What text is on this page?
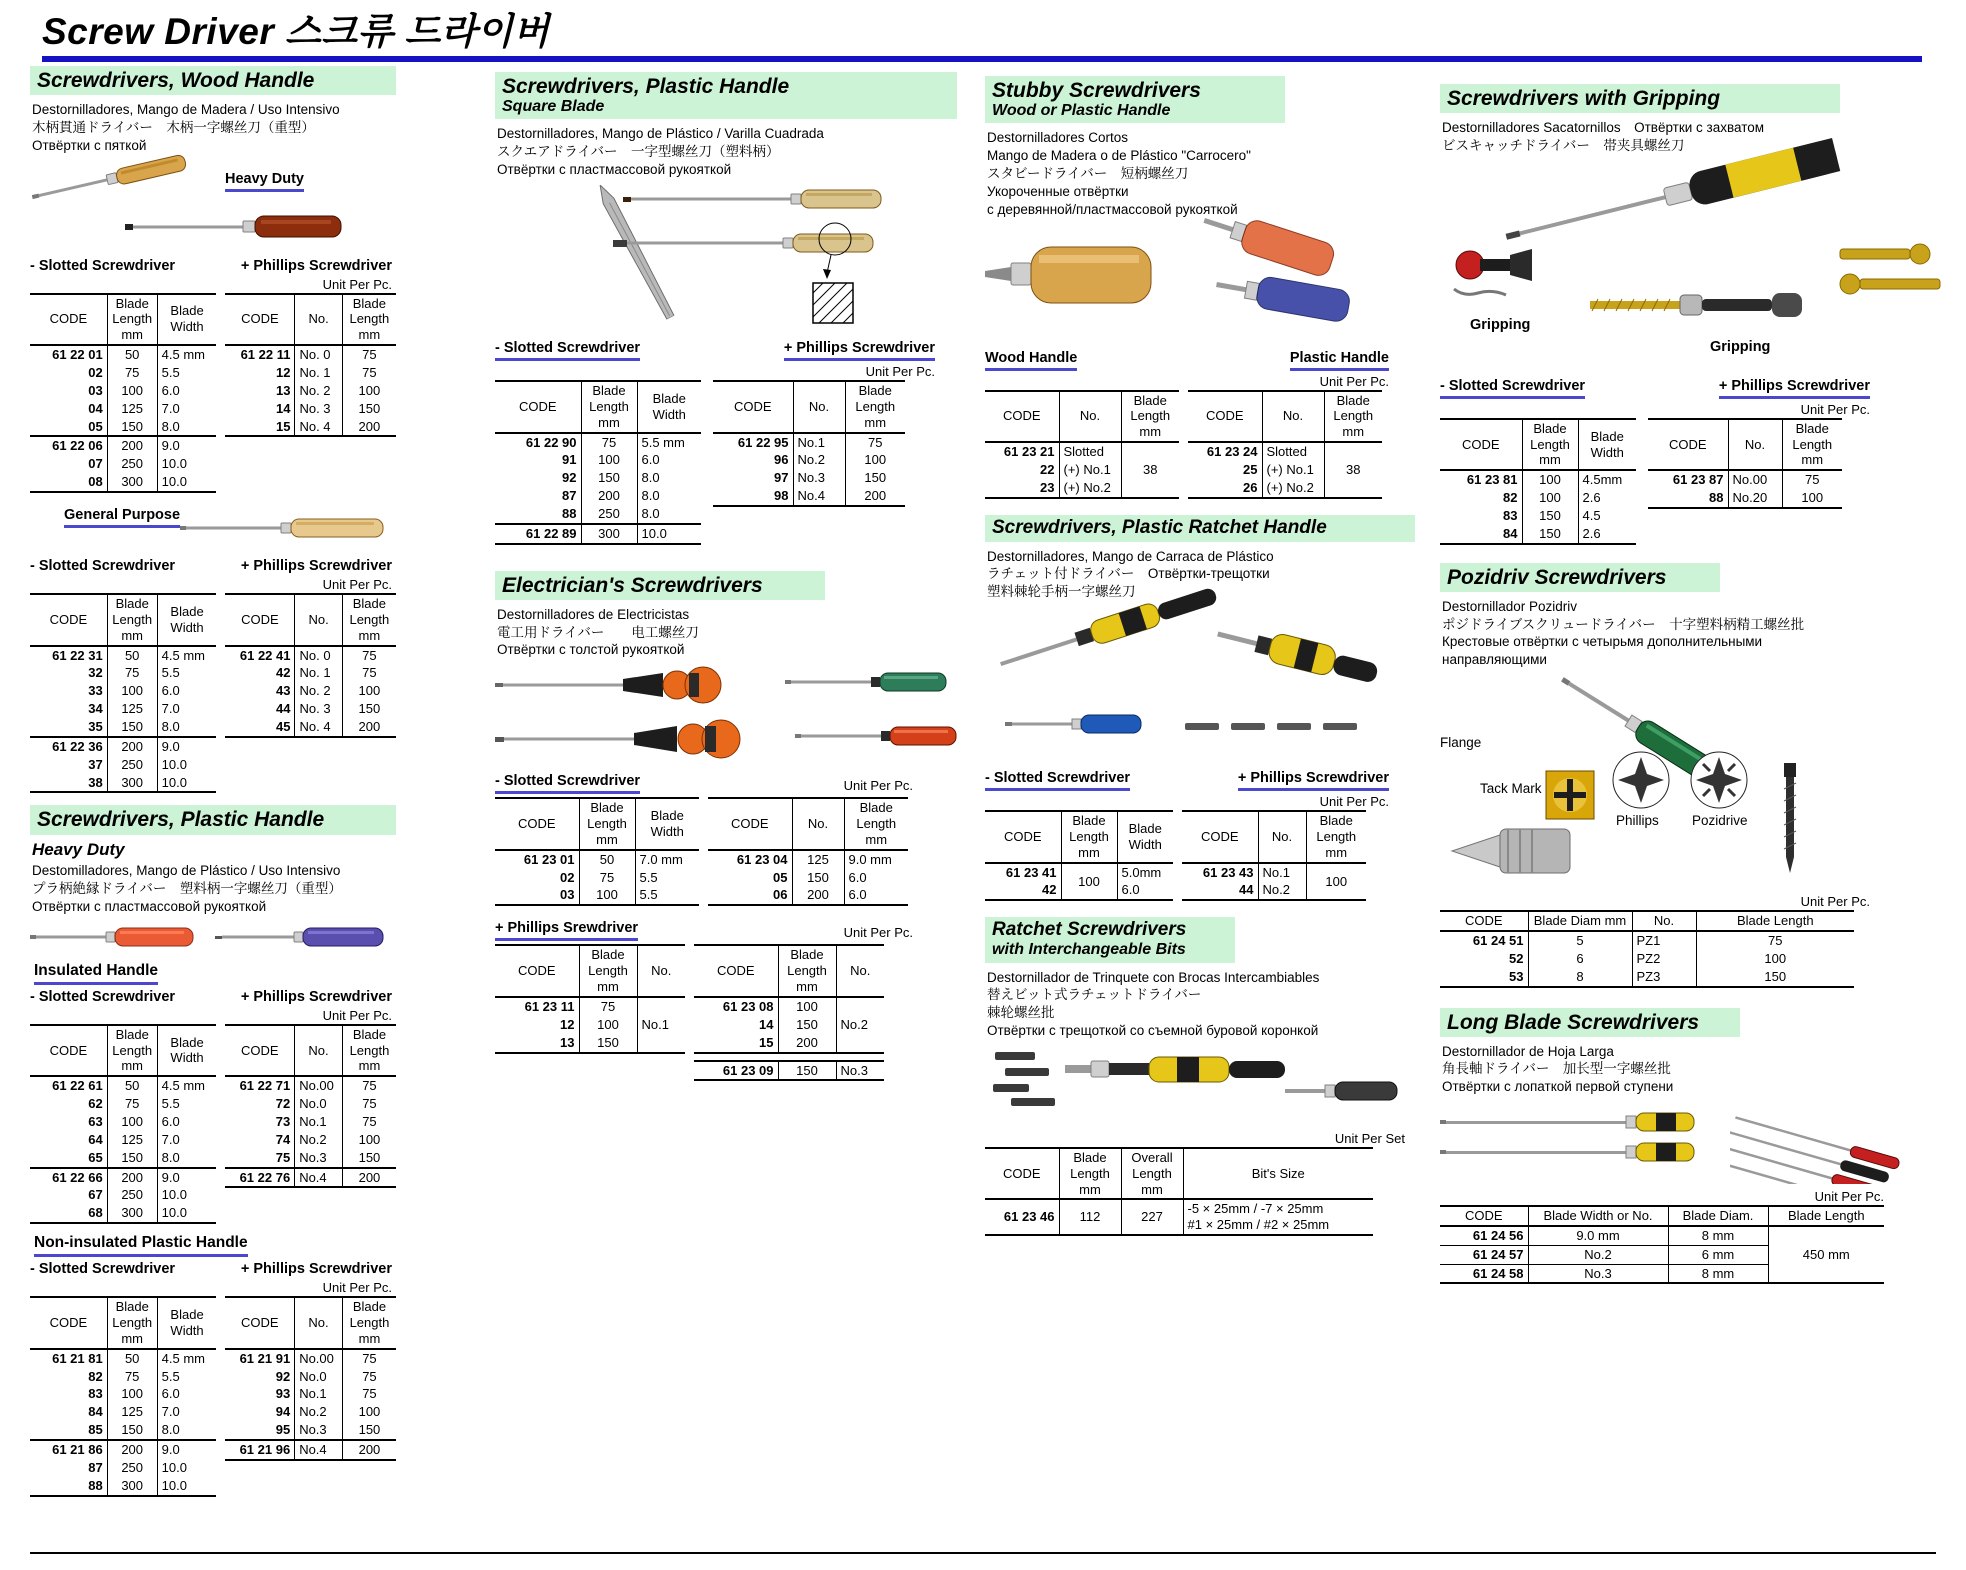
Screw Driver 스크류 드라이버
Screwdrivers, Wood Handle
Destornilladores, Mango de Madera / Uso Intensivo
木柄貫通ドライバー　木柄一字螺丝刀（重型）
Отвёртки с пяткой
Heavy Duty
- Slotted Screwdriver	+ Phillips Screwdriver
Unit Per Pc.
CODE	Blade Length mm	Blade Width
61 22 01	50	4.5 mm
02	75	5.5
03	100	6.0
04	125	7.0
05	150	8.0
61 22 06	200	9.0
07	250	10.0
08	300	10.0
CODE	No.	Blade Length mm
61 22 11	No. 0	75
12	No. 1	75
13	No. 2	100
14	No. 3	150
15	No. 4	200
General Purpose
- Slotted Screwdriver	+ Phillips Screwdriver
Unit Per Pc.
CODE	Blade Length mm	Blade Width
61 22 31	50	4.5 mm
32	75	5.5
33	100	6.0
34	125	7.0
35	150	8.0
61 22 36	200	9.0
37	250	10.0
38	300	10.0
CODE	No.	Blade Length mm
61 22 41	No. 0	75
42	No. 1	75
43	No. 2	100
44	No. 3	150
45	No. 4	200
Screwdrivers, Plastic Handle
Heavy Duty
Destomilladores, Mango de Plástico / Uso Intensivo
プラ柄絶縁ドライバー　塑料柄一字螺丝刀（重型）
Отвёртки с пластмассовой рукояткой
Insulated Handle
- Slotted Screwdriver	+ Phillips Screwdriver
Unit Per Pc.
CODE	Blade Length mm	Blade Width
61 22 61	50	4.5 mm
62	75	5.5
63	100	6.0
64	125	7.0
65	150	8.0
61 22 66	200	9.0
67	250	10.0
68	300	10.0
CODE	No.	Blade Length mm
61 22 71	No.00	75
72	No.0	75
73	No.1	75
74	No.2	100
75	No.3	150
61 22 76	No.4	200
Non-insulated Plastic Handle
- Slotted Screwdriver	+ Phillips Screwdriver
Unit Per Pc.
CODE	Blade Length mm	Blade Width
61 21 81	50	4.5 mm
82	75	5.5
83	100	6.0
84	125	7.0
85	150	8.0
61 21 86	200	9.0
87	250	10.0
88	300	10.0
CODE	No.	Blade Length mm
61 21 91	No.00	75
92	No.0	75
93	No.1	75
94	No.2	100
95	No.3	150
61 21 96	No.4	200
Screwdrivers, Plastic Handle
Square Blade
Destornilladores, Mango de Plástico / Varilla Cuadrada
スクエアドライバー　一字型螺丝刀（塑料柄）
Отвёртки с пластмассовой рукояткой
- Slotted Screwdriver	+ Phillips Screwdriver
Unit Per Pc.
CODE	Blade Length mm	Blade Width
61 22 90	75	5.5 mm
91	100	6.0
92	150	8.0
87	200	8.0
88	250	8.0
61 22 89	300	10.0
CODE	No.	Blade Length mm
61 22 95	No.1	75
96	No.2	100
97	No.3	150
98	No.4	200
Electrician's Screwdrivers
Destornilladores de Electricistas
電工用ドライバー　　电工螺丝刀
Отвёртки с толстой рукояткой
- Slotted Screwdriver	Unit Per Pc.
CODE	Blade Length mm	Blade Width
61 23 01	50	7.0 mm
02	75	5.5
03	100	5.5
CODE	No.	Blade Length mm
61 23 04	125	9.0 mm
05	150	6.0
06	200	6.0
+ Phillips Srewdriver	Unit Per Pc.
CODE	Blade Length mm	No.
61 23 11	75	No.1
12	100	
13	150	
CODE	Blade Length mm	No.
61 23 08	100	No.2
14	150	
15	200	
61 23 09	150	No.3
Stubby Screwdrivers
Wood or Plastic Handle
Destornilladores Cortos
Mango de Madera o de Plástico "Carrocero"
スタビードライバー　短柄螺丝刀
Укороченные отвёртки
с деревянной/пластмассовой рукояткой
Wood Handle	Plastic Handle
Unit Per Pc.
CODE	No.	Blade Length mm
61 23 21	Slotted	38
22	(+) No.1	
23	(+) No.2	
CODE	No.	Blade Length mm
61 23 24	Slotted	38
25	(+) No.1	
26	(+) No.2	
Screwdrivers, Plastic Ratchet Handle
Destornilladores, Mango de Carraca de Plástico
ラチェット付ドライバー　Отвёртки-трещотки
塑料棘轮手柄一字螺丝刀
- Slotted Screwdriver	+ Phillips Screwdriver
Unit Per Pc.
CODE	Blade Length mm	Blade Width
61 23 41	100	5.0mm
42		6.0
CODE	No.	Blade Length mm
61 23 43	No.1	100
44	No.2	
Ratchet Screwdrivers
with Interchangeable Bits
Destornillador de Trinquete con Brocas Intercambiables
替えビット式ラチェットドライバー
棘轮螺丝批
Отвёртки с трещоткой со съемной буровой коронкой
Unit Per Set
CODE	Blade Length mm	Overall Length mm	Bit's Size
61 23 46	112	227	-5 × 25mm / -7 × 25mm
#1 × 25mm / #2 × 25mm
Screwdrivers with Gripping
Destornilladores Sacatornillos　Отвёртки с захватом
ビスキャッチドライバー　帯夹具螺丝刀
Gripping
Gripping
- Slotted Screwdriver	+ Phillips Screwdriver
Unit Per Pc.
CODE	Blade Length mm	Blade Width
61 23 81	100	4.5mm
82	100	2.6
83	150	4.5
84	150	2.6
CODE	No.	Blade Length mm
61 23 87	No.00	75
88	No.20	100
Pozidriv Screwdrivers
Destornillador Pozidriv
ポジドライブスクリュードライバー　十字塑料柄精工螺丝批
Крестовые отвёртки с четырьмя дополнительными
направляющими
Flange
Tack Mark
Phillips Pozidrive
Unit Per Pc.
CODE	Blade Diam mm	No.	Blade Length
61 24 51	5	PZ1	75
52	6	PZ2	100
53	8	PZ3	150
Long Blade Screwdrivers
Destornillador de Hoja Larga
角長軸ドライバー　加长型一字螺丝批
Отвёртки с лопаткой первой ступени
Unit Per Pc.
CODE	Blade Width or No.	Blade Diam.	Blade Length
61 24 56	9.0 mm	8 mm	450 mm
61 24 57	No.2	6 mm	
61 24 58	No.3	8 mm	
